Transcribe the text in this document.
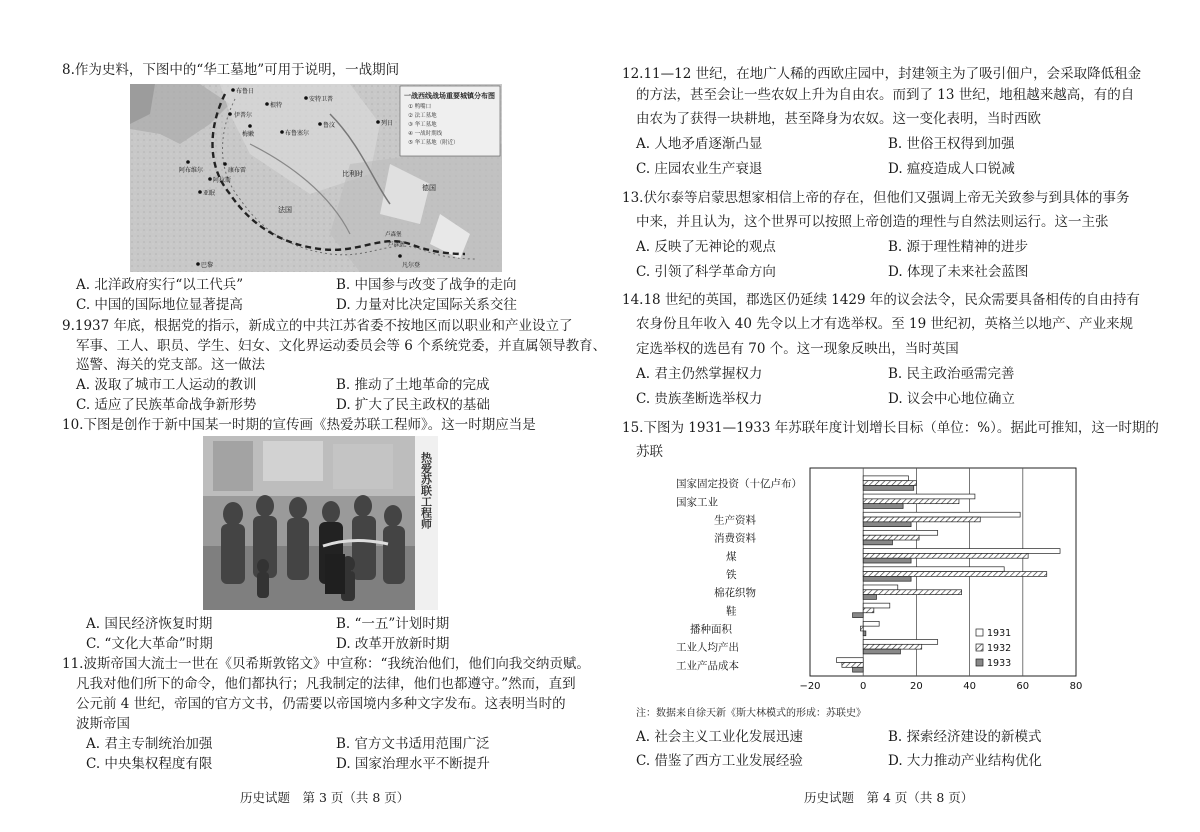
8.作为史料，下图中的“华工墓地”可用于说明，一战期间
一战西线战场重要城镇分布图
① 鸭嘴口
② 法工墓地
③ 华工墓地
④ 一战时期线
⑤ 华工墓地（附近）
布鲁日
根特
安特卫普
伊普尔
布鲁塞尔
列日
梅嫩
鲁汶
阿布维尔
阿拉斯
亚眠
康布雷
巴黎
比利时
法国
德国
卢森堡
卢森堡
凡尔登
A. 北洋政府实行“以工代兵”	B. 中国参与改变了战争的走向
C. 中国的国际地位显著提高	D. 力量对比决定国际关系交往
9.1937 年底，根据党的指示，新成立的中共江苏省委不按地区而以职业和产业设立了
军事、工人、职员、学生、妇女、文化界运动委员会等 6 个系统党委，并直属领导教育、
巡警、海关的党支部。这一做法
A. 汲取了城市工人运动的教训	B. 推动了土地革命的完成
C. 适应了民族革命战争新形势	D. 扩大了民主政权的基础
10.下图是创作于新中国某一时期的宣传画《热爱苏联工程师》。这一时期应当是
热爱苏联工程师
A. 国民经济恢复时期	B. “一五”计划时期
C. “文化大革命”时期	D. 改革开放新时期
11.波斯帝国大流士一世在《贝希斯敦铭文》中宣称：“我统治他们，他们向我交纳贡赋。
凡我对他们所下的命令，他们都执行；凡我制定的法律，他们也都遵守。”然而，直到
公元前 4 世纪，帝国的官方文书，仍需要以帝国境内多种文字发布。这表明当时的
波斯帝国
A. 君主专制统治加强	B. 官方文书适用范围广泛
C. 中央集权程度有限	D. 国家治理水平不断提升
历史试题　第 3 页（共 8 页）
12.11—12 世纪，在地广人稀的西欧庄园中，封建领主为了吸引佃户，会采取降低租金
的方法，甚至会让一些农奴上升为自由农。而到了 13 世纪，地租越来越高，有的自
由农为了获得一块耕地，甚至降身为农奴。这一变化表明，当时西欧
A. 人地矛盾逐渐凸显	B. 世俗王权得到加强
C. 庄园农业生产衰退	D. 瘟疫造成人口锐减
13.伏尔泰等启蒙思想家相信上帝的存在，但他们又强调上帝无关致参与到具体的事务
中来，并且认为，这个世界可以按照上帝创造的理性与自然法则运行。这一主张
A. 反映了无神论的观点	B. 源于理性精神的进步
C. 引领了科学革命方向	D. 体现了未来社会蓝图
14.18 世纪的英国，郡选区仍延续 1429 年的议会法令，民众需要具备相传的自由持有
农身份且年收入 40 先令以上才有选举权。至 19 世纪初，英格兰以地产、产业来规
定选举权的选邑有 70 个。这一现象反映出，当时英国
A. 君主仍然掌握权力	B. 民主政治亟需完善
C. 贵族垄断选举权力	D. 议会中心地位确立
15.下图为 1931—1933 年苏联年度计划增长目标（单位：%）。据此可推知，这一时期的
苏联
−20	0	20	40	60	80
国家固定投资（十亿卢布）
国家工业
生产资料
消费资料
煤
铁
棉花织物
鞋
播种面积
工业人均产出
工业产品成本
1931
1932
1933
注：数据来自徐天新《斯大林模式的形成：苏联史》
A. 社会主义工业化发展迅速	B. 探索经济建设的新模式
C. 借鉴了西方工业发展经验	D. 大力推动产业结构优化
历史试题　第 4 页（共 8 页）
